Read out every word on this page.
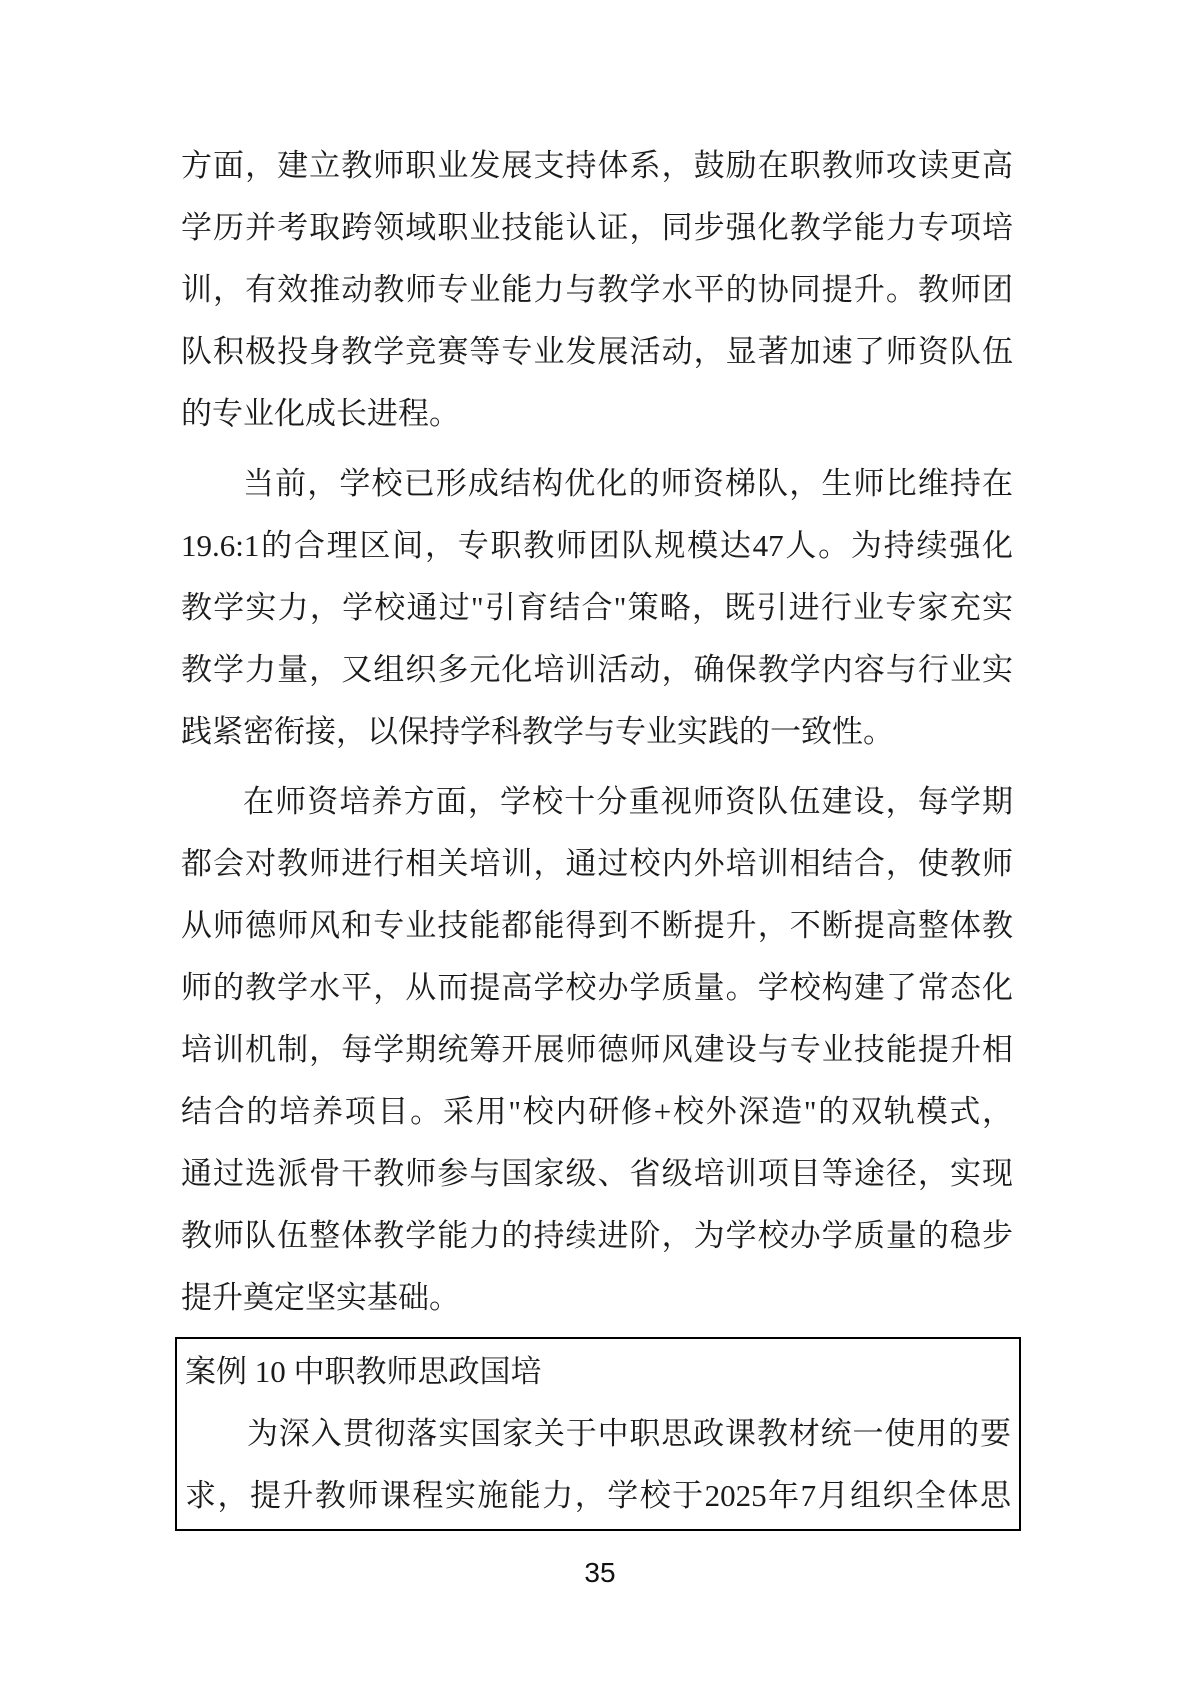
方面，建立教师职业发展支持体系，鼓励在职教师攻读更高
学历并考取跨领域职业技能认证，同步强化教学能力专项培
训，有效推动教师专业能力与教学水平的协同提升。教师团
队积极投身教学竞赛等专业发展活动，显著加速了师资队伍
的专业化成长进程。
当前，学校已形成结构优化的师资梯队，生师比维持在
19.6:1的合理区间，专职教师团队规模达47人。为持续强化
教学实力，学校通过"引育结合"策略，既引进行业专家充实
教学力量，又组织多元化培训活动，确保教学内容与行业实
践紧密衔接，以保持学科教学与专业实践的一致性。
在师资培养方面，学校十分重视师资队伍建设，每学期
都会对教师进行相关培训，通过校内外培训相结合，使教师
从师德师风和专业技能都能得到不断提升，不断提高整体教
师的教学水平，从而提高学校办学质量。学校构建了常态化
培训机制，每学期统筹开展师德师风建设与专业技能提升相
结合的培养项目。采用"校内研修+校外深造"的双轨模式，
通过选派骨干教师参与国家级、省级培训项目等途径，实现
教师队伍整体教学能力的持续进阶，为学校办学质量的稳步
提升奠定坚实基础。
案例 10 中职教师思政国培
为深入贯彻落实国家关于中职思政课教材统一使用的要
求，提升教师课程实施能力，学校于2025年7月组织全体思
35
